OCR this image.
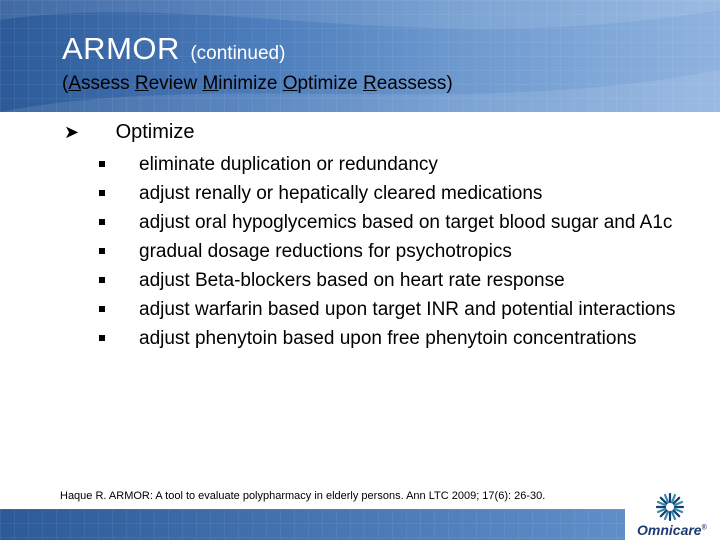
ARMOR (continued)
(Assess Review Minimize Optimize Reassess)
➤ Optimize
eliminate duplication or redundancy
adjust renally or hepatically cleared medications
adjust oral hypoglycemics based on target blood sugar and A1c
gradual dosage reductions for psychotropics
adjust Beta-blockers based on heart rate response
adjust warfarin based upon target INR and potential interactions
adjust phenytoin based upon free phenytoin concentrations
Haque R. ARMOR: A tool to evaluate polypharmacy in elderly persons. Ann LTC 2009; 17(6): 26-30.
Omnicare®
